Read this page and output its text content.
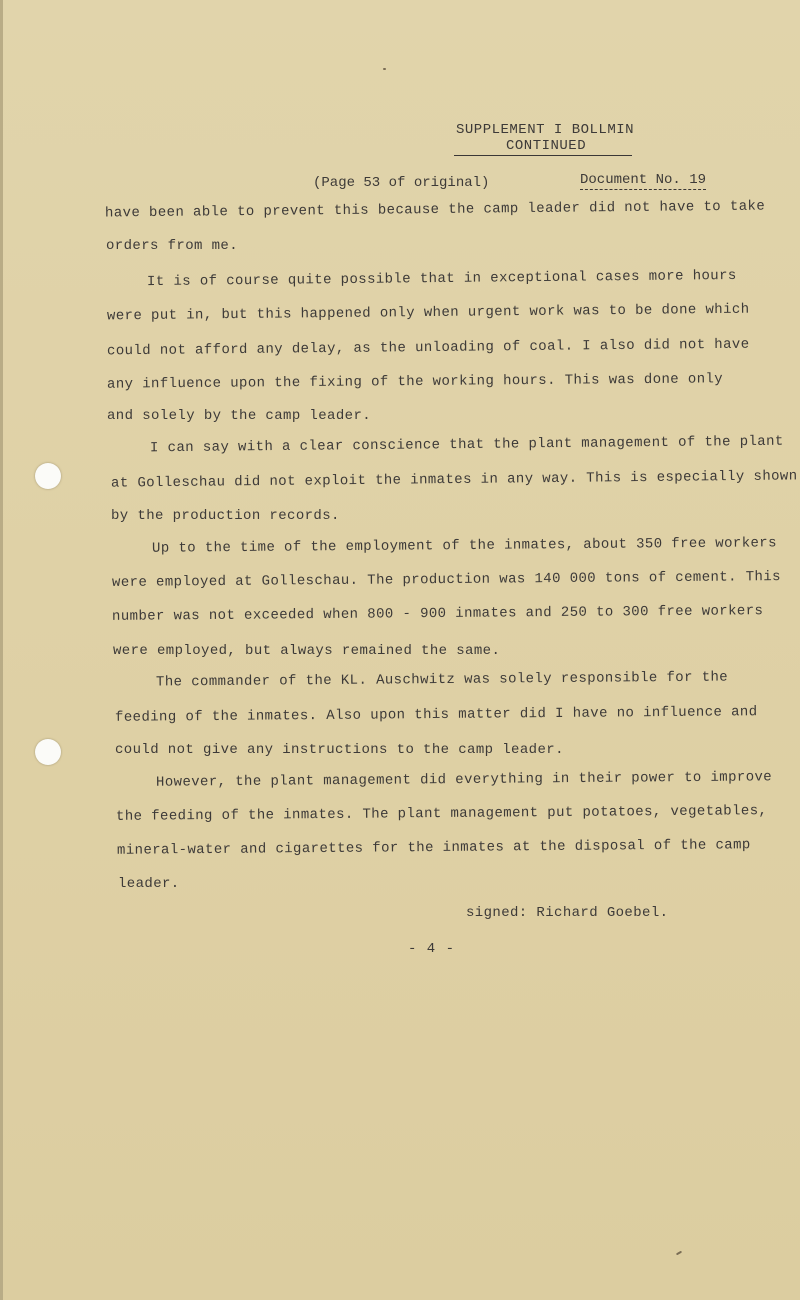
SUPPLEMENT I BOLLMIN
CONTINUED
(Page 53 of original)	Document No. 19
have been able to prevent this because the camp leader did not have to take
orders from me.
It is of course quite possible that in exceptional cases more hours
were put in, but this happened only when urgent work was to be done which
could not afford any delay, as the unloading of coal. I also did not have
any influence upon the fixing of the working hours. This was done only
and solely by the camp leader.
I can say with a clear conscience that the plant management of the plant
at Golleschau did not exploit the inmates in any way. This is especially shown
by the production records.
Up to the time of the employment of the inmates, about 350 free workers
were employed at Golleschau. The production was 140 000 tons of cement. This
number was not exceeded when 800 - 900 inmates and 250 to 300 free workers
were employed, but always remained the same.
The commander of the KL. Auschwitz was solely responsible for the
feeding of the inmates. Also upon this matter did I have no influence and
could not give any instructions to the camp leader.
However, the plant management did everything in their power to improve
the feeding of the inmates. The plant management put potatoes, vegetables,
mineral-water and cigarettes for the inmates at the disposal of the camp
leader.
signed: Richard Goebel.
- 4 -
